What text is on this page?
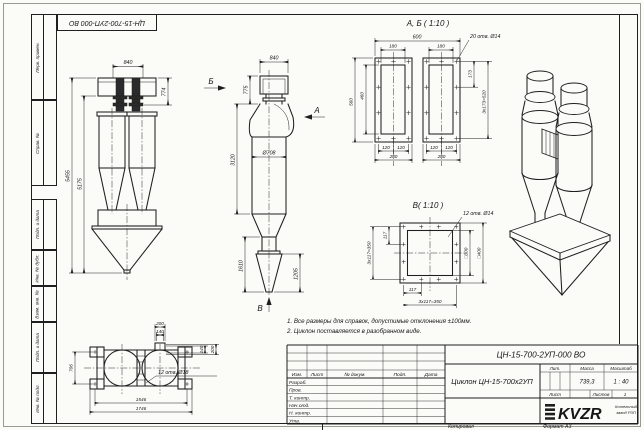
Перв. примен.
Справ. №
Подп. и дата
Инв. № дубл.
Взам. инв. №
Подп. и дата
Инв. № подл.
ЦН-15-700-2УП-000 ВО
840
774
5455
5175
840
775
3120
Ø708
1610
1205
Б
А
В
А, Б ( 1:10 )
600
180	180
20 отв. Ø14
173
3x173=520
560
460
120 120
280
120 120
280
В( 1:10 )
12 отв. Ø14
117
3x117=350	□300 □400
117
3x117=350
200
140
140 200
706
1546
1746
12 отв. Ø18
1. Все размеры для справок, допустимые отклонения ±100мм.
2. Циклон поставляется в разобранном виде.
Изм. Лист	№ докум.	Подп.	Дата
Разраб.
Пров.
Т. контр.
Нач.отд.
Н. контр.
Утв.
ЦН-15-700-2УП-000 ВО
Циклон ЦН-15-700х2УП
Лит.	Масса	Масштаб
739,3	1 : 40
Лист	Листов	1
KVZR	Котельный
завод РЗП
Копировал	Формат А3
